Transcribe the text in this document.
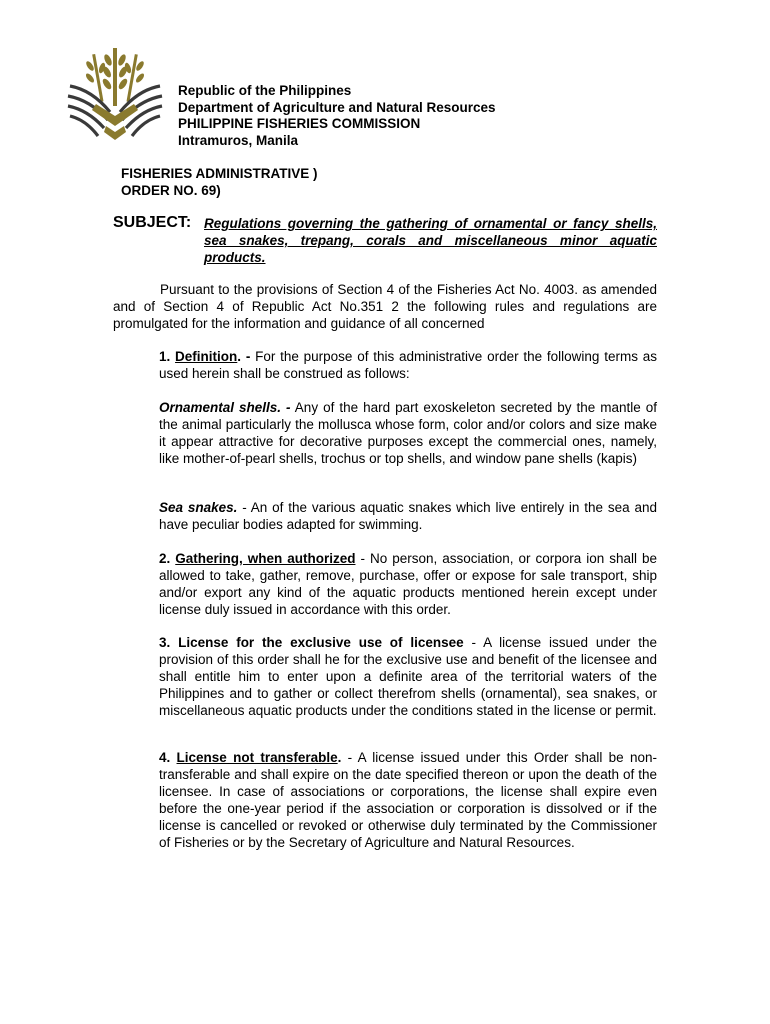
Republic of the Philippines
Department of Agriculture and Natural Resources
PHILIPPINE FISHERIES COMMISSION
Intramuros, Manila
FISHERIES ADMINISTRATIVE )
ORDER NO. 69)
SUBJECT: Regulations governing the gathering of ornamental or fancy shells, sea snakes, trepang, corals and miscellaneous minor aquatic products.
Pursuant to the provisions of Section 4 of the Fisheries Act No. 4003. as amended and of Section 4 of Republic Act No.351 2 the following rules and regulations are promulgated for the information and guidance of all concerned

1. Definition. - For the purpose of this administrative order the following terms as used herein shall be construed as follows:

Ornamental shells. - Any of the hard part exoskeleton secreted by the mantle of the animal particularly the mollusca whose form, color and/or colors and size make it appear attractive for decorative purposes except the commercial ones, namely, like mother-of-pearl shells, trochus or top shells, and window pane shells (kapis)

Sea snakes. - An of the various aquatic snakes which live entirely in the sea and have peculiar bodies adapted for swimming.

2. Gathering, when authorized - No person, association, or corpora ion shall be allowed to take, gather, remove, purchase, offer or expose for sale transport, ship and/or export any kind of the aquatic products mentioned herein except under license duly issued in accordance with this order.

3. License for the exclusive use of licensee - A license issued under the provision of this order shall he for the exclusive use and benefit of the licensee and shall entitle him to enter upon a definite area of the territorial waters of the Philippines and to gather or collect therefrom shells (ornamental), sea snakes, or miscellaneous aquatic products under the conditions stated in the license or permit.

4. License not transferable. - A license issued under this Order shall be non-transferable and shall expire on the date specified thereon or upon the death of the licensee. In case of associations or corporations, the license shall expire even before the one-year period if the association or corporation is dissolved or if the license is cancelled or revoked or otherwise duly terminated by the Commissioner of Fisheries or by the Secretary of Agriculture and Natural Resources.
